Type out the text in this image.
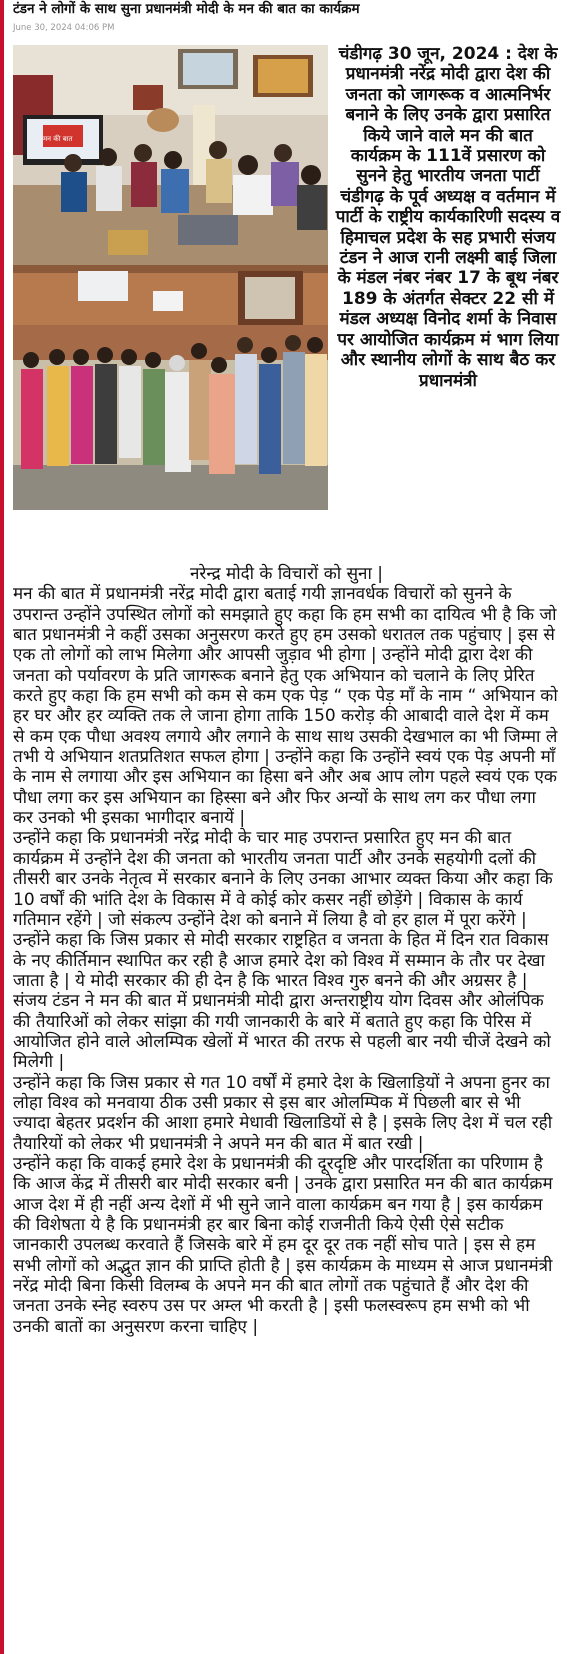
टंडन ने लोगों के साथ सुना प्रधानमंत्री मोदी के मन की बात का कार्यक्रम
June 30, 2024 04:06 PM
मन की बात
चंडीगढ़ 30 जून, 2024 : देश के प्रधानमंत्री नरेंद्र मोदी द्वारा देश की जनता को जागरूक व आत्मनिर्भर बनाने के लिए उनके द्वारा प्रसारित किये जाने वाले मन की बात कार्यक्रम के 111वें प्रसारण को सुनने हेतु भारतीय जनता पार्टी चंडीगढ़ के पूर्व अध्यक्ष व वर्तमान में पार्टी के राष्ट्रीय कार्यकारिणी सदस्य व हिमाचल प्रदेश के सह प्रभारी संजय टंडन ने आज रानी लक्ष्मी बाई जिला के मंडल नंबर नंबर 17 के बूथ नंबर 189 के अंतर्गत सेक्टर 22 सी में मंडल अध्यक्ष विनोद शर्मा के निवास पर आयोजित कार्यक्रम मं भाग लिया और स्थानीय लोगों के साथ बैठ कर प्रधानमंत्री

नरेन्द्र मोदी के विचारों को सुना |

मन की बात में प्रधानमंत्री नरेंद्र मोदी द्वारा बताई गयी ज्ञानवर्धक विचारों को सुनने के उपरान्त उन्होंने उपस्थित लोगों को समझाते हुए कहा कि हम सभी का दायित्व भी है कि जो बात प्रधानमंत्री ने कहीं उसका अनुसरण करते हुए हम उसको धरातल तक पहुंचाए | इस से एक तो लोगों को लाभ मिलेगा और आपसी जुड़ाव भी होगा | उन्होंने मोदी द्वारा देश की जनता को पर्यावरण के प्रति जागरूक बनाने हेतु एक अभियान को चलाने के लिए प्रेरित करते हुए कहा कि हम सभी को कम से कम एक पेड़ “ एक पेड़ माँ के नाम “ अभियान को हर घर और हर व्यक्ति तक ले जाना होगा ताकि 150 करोड़ की आबादी वाले देश में कम से कम एक पौधा अवश्य लगाये और लगाने के साथ साथ उसकी देखभाल का भी जिम्मा ले तभी ये अभियान शतप्रतिशत सफल होगा | उन्होंने कहा कि उन्होंने स्वयं एक पेड़ अपनी माँ के नाम से लगाया और इस अभियान का हिसा बने और अब आप लोग पहले स्वयं एक एक पौधा लगा कर इस अभियान का हिस्सा बने और फिर अन्यों के साथ लग कर पौधा लगा कर उनको भी इसका भागीदार बनायें |

उन्होंने कहा कि प्रधानमंत्री नरेंद्र मोदी के चार माह उपरान्त प्रसारित हुए मन की बात कार्यक्रम में उन्होंने देश की जनता को भारतीय जनता पार्टी और उनके सहयोगी दलों की तीसरी बार उनके नेतृत्व में सरकार बनाने के लिए उनका आभार व्यक्त किया और कहा कि 10 वर्षों की भांति देश के विकास में वे कोई कोर कसर नहीं छोड़ेंगे | विकास के कार्य गतिमान रहेंगे | जो संकल्प उन्होंने देश को बनाने में लिया है वो हर हाल में पूरा करेंगे | उन्होंने कहा कि जिस प्रकार से मोदी सरकार राष्ट्रहित व जनता के हित में दिन रात विकास के नए कीर्तिमान स्थापित कर रही है आज हमारे देश को विश्व में सम्मान के तौर पर देखा जाता है | ये मोदी सरकार की ही देन है कि भारत विश्व गुरु बनने की और अग्रसर है |

संजय टंडन ने मन की बात में प्रधानमंत्री मोदी द्वारा अन्तराष्ट्रीय योग दिवस और ओलंपिक की तैयारिओं को लेकर सांझा की गयी जानकारी के बारे में बताते हुए कहा कि पेरिस में आयोजित होने वाले ओलम्पिक खेलों में भारत की तरफ से पहली बार नयी चीजें देखने को मिलेगी |

उन्होंने कहा कि जिस प्रकार से गत 10 वर्षों में हमारे देश के खिलाड़ियों ने अपना हुनर का लोहा विश्व को मनवाया ठीक उसी प्रकार से इस बार ओलम्पिक में पिछली बार से भी ज्यादा बेहतर प्रदर्शन की आशा हमारे मेधावी खिलाडियों से है | इसके लिए देश में चल रही तैयारियों को लेकर भी प्रधानमंत्री ने अपने मन की बात में बात रखी |

उन्होंने कहा कि वाकई हमारे देश के प्रधानमंत्री की दूरदृष्टि और पारदर्शिता का परिणाम है कि आज केंद्र में तीसरी बार मोदी सरकार बनी | उनके द्वारा प्रसारित मन की बात कार्यक्रम आज देश में ही नहीं अन्य देशों में भी सुने जाने वाला कार्यक्रम बन गया है | इस कार्यक्रम की विशेषता ये है कि प्रधानमंत्री हर बार बिना कोई राजनीती किये ऐसी ऐसे सटीक जानकारी उपलब्ध करवाते हैं जिसके बारे में हम दूर दूर तक नहीं सोच पाते | इस से हम सभी लोगों को अद्भुत ज्ञान की प्राप्ति होती है | इस कार्यक्रम के माध्यम से आज प्रधानमंत्री नरेंद्र मोदी बिना किसी विलम्ब के अपने मन की बात लोगों तक पहुंचाते हैं और देश की जनता उनके स्नेह स्वरुप उस पर अम्ल भी करती है | इसी फलस्वरूप हम सभी को भी उनकी बातों का अनुसरण करना चाहिए |
